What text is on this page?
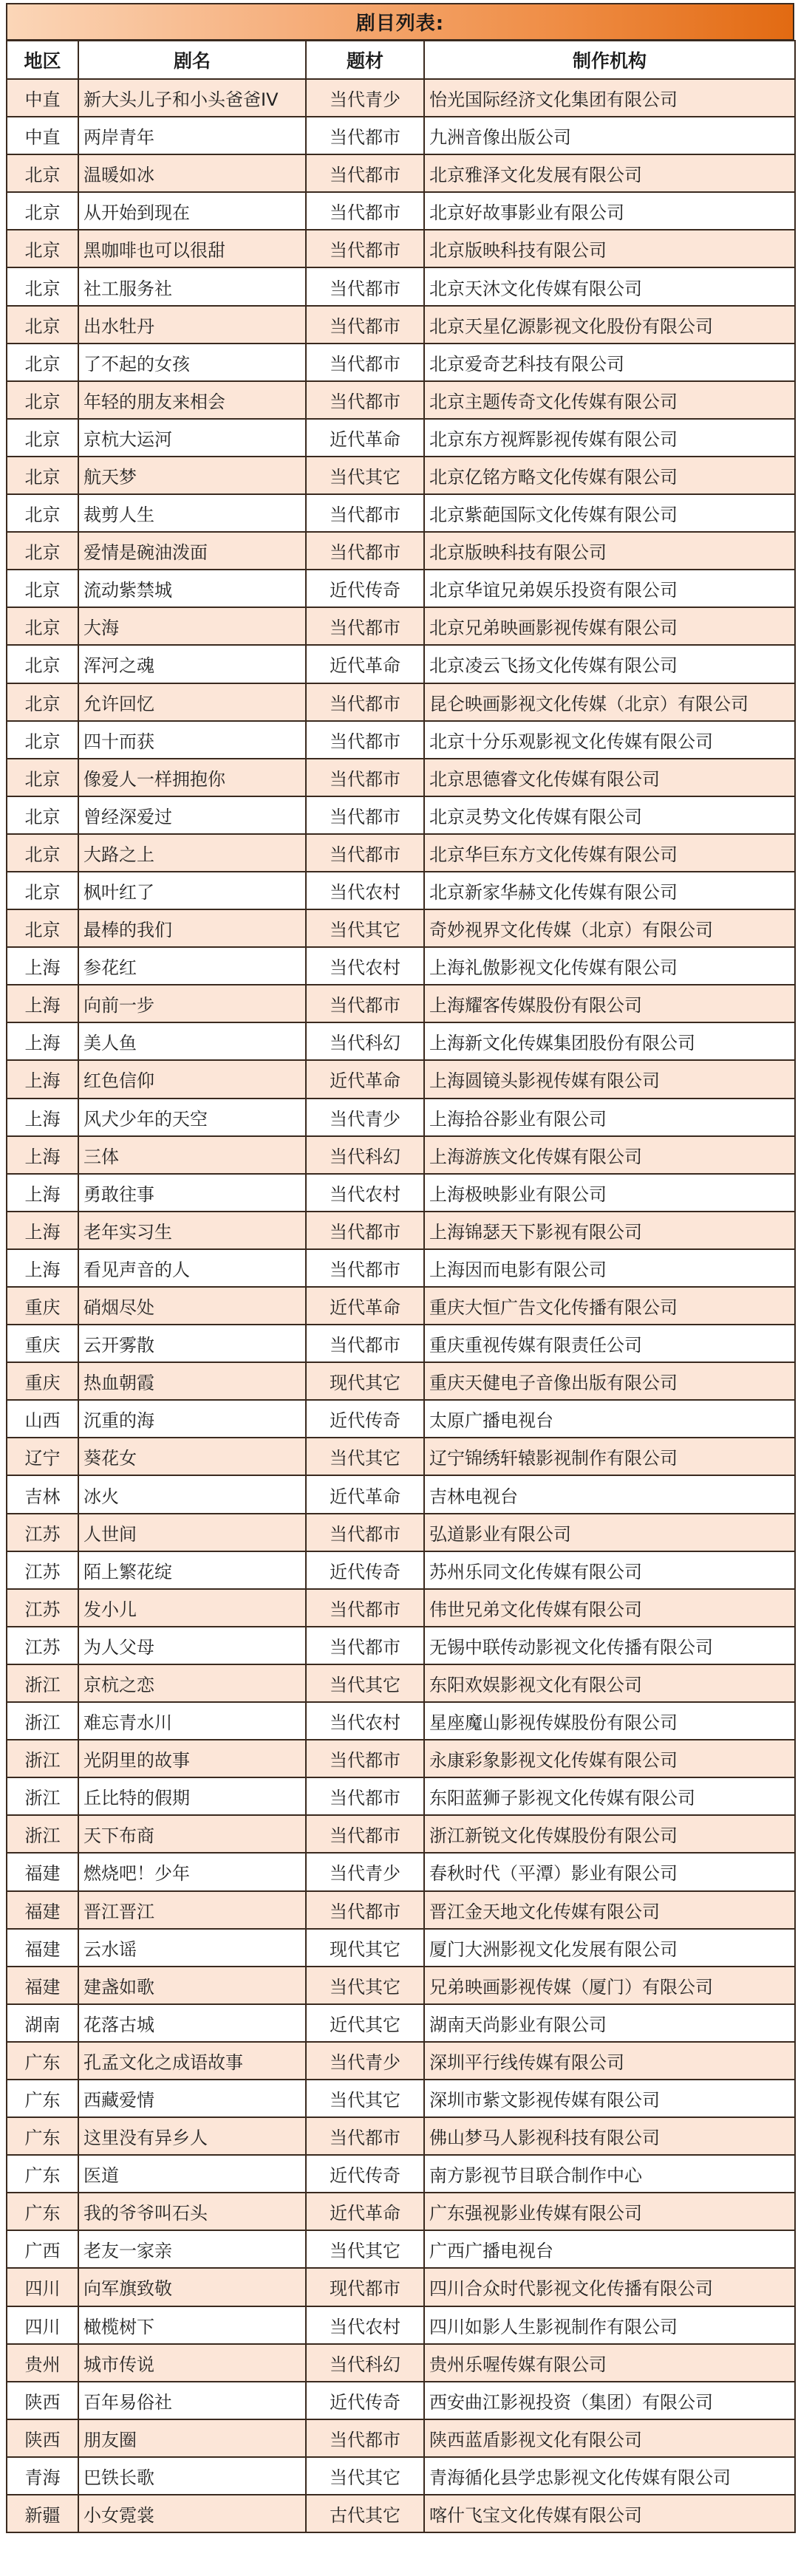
剧目列表:
地区	剧名	题材	制作机构
中直	新大头儿子和小头爸爸IV	当代青少	怡光国际经济文化集团有限公司
中直	两岸青年	当代都市	九洲音像出版公司
北京	温暖如冰	当代都市	北京雅泽文化发展有限公司
北京	从开始到现在	当代都市	北京好故事影业有限公司
北京	黑咖啡也可以很甜	当代都市	北京版映科技有限公司
北京	社工服务社	当代都市	北京天沐文化传媒有限公司
北京	出水牡丹	当代都市	北京天星亿源影视文化股份有限公司
北京	了不起的女孩	当代都市	北京爱奇艺科技有限公司
北京	年轻的朋友来相会	当代都市	北京主题传奇文化传媒有限公司
北京	京杭大运河	近代革命	北京东方视辉影视传媒有限公司
北京	航天梦	当代其它	北京亿铭方略文化传媒有限公司
北京	裁剪人生	当代都市	北京紫葩国际文化传媒有限公司
北京	爱情是碗油泼面	当代都市	北京版映科技有限公司
北京	流动紫禁城	近代传奇	北京华谊兄弟娱乐投资有限公司
北京	大海	当代都市	北京兄弟映画影视传媒有限公司
北京	浑河之魂	近代革命	北京凌云飞扬文化传媒有限公司
北京	允许回忆	当代都市	昆仑映画影视文化传媒（北京）有限公司
北京	四十而获	当代都市	北京十分乐观影视文化传媒有限公司
北京	像爱人一样拥抱你	当代都市	北京思德睿文化传媒有限公司
北京	曾经深爱过	当代都市	北京灵势文化传媒有限公司
北京	大路之上	当代都市	北京华巨东方文化传媒有限公司
北京	枫叶红了	当代农村	北京新家华赫文化传媒有限公司
北京	最棒的我们	当代其它	奇妙视界文化传媒（北京）有限公司
上海	参花红	当代农村	上海礼傲影视文化传媒有限公司
上海	向前一步	当代都市	上海耀客传媒股份有限公司
上海	美人鱼	当代科幻	上海新文化传媒集团股份有限公司
上海	红色信仰	近代革命	上海圆镜头影视传媒有限公司
上海	风犬少年的天空	当代青少	上海拾谷影业有限公司
上海	三体	当代科幻	上海游族文化传媒有限公司
上海	勇敢往事	当代农村	上海极映影业有限公司
上海	老年实习生	当代都市	上海锦瑟天下影视有限公司
上海	看见声音的人	当代都市	上海因而电影有限公司
重庆	硝烟尽处	近代革命	重庆大恒广告文化传播有限公司
重庆	云开雾散	当代都市	重庆重视传媒有限责任公司
重庆	热血朝霞	现代其它	重庆天健电子音像出版有限公司
山西	沉重的海	近代传奇	太原广播电视台
辽宁	葵花女	当代其它	辽宁锦绣轩辕影视制作有限公司
吉林	冰火	近代革命	吉林电视台
江苏	人世间	当代都市	弘道影业有限公司
江苏	陌上繁花绽	近代传奇	苏州乐同文化传媒有限公司
江苏	发小儿	当代都市	伟世兄弟文化传媒有限公司
江苏	为人父母	当代都市	无锡中联传动影视文化传播有限公司
浙江	京杭之恋	当代其它	东阳欢娱影视文化有限公司
浙江	难忘青水川	当代农村	星座魔山影视传媒股份有限公司
浙江	光阴里的故事	当代都市	永康彩象影视文化传媒有限公司
浙江	丘比特的假期	当代都市	东阳蓝狮子影视文化传媒有限公司
浙江	天下布商	当代都市	浙江新锐文化传媒股份有限公司
福建	燃烧吧！少年	当代青少	春秋时代（平潭）影业有限公司
福建	晋江晋江	当代都市	晋江金天地文化传媒有限公司
福建	云水谣	现代其它	厦门大洲影视文化发展有限公司
福建	建盏如歌	当代其它	兄弟映画影视传媒（厦门）有限公司
湖南	花落古城	近代其它	湖南天尚影业有限公司
广东	孔孟文化之成语故事	当代青少	深圳平行线传媒有限公司
广东	西藏爱情	当代其它	深圳市紫文影视传媒有限公司
广东	这里没有异乡人	当代都市	佛山梦马人影视科技有限公司
广东	医道	近代传奇	南方影视节目联合制作中心
广东	我的爷爷叫石头	近代革命	广东强视影业传媒有限公司
广西	老友一家亲	当代其它	广西广播电视台
四川	向军旗致敬	现代都市	四川合众时代影视文化传播有限公司
四川	橄榄树下	当代农村	四川如影人生影视制作有限公司
贵州	城市传说	当代科幻	贵州乐喔传媒有限公司
陕西	百年易俗社	近代传奇	西安曲江影视投资（集团）有限公司
陕西	朋友圈	当代都市	陕西蓝盾影视文化有限公司
青海	巴铁长歌	当代其它	青海循化县学忠影视文化传媒有限公司
新疆	小女霓裳	古代其它	喀什飞宝文化传媒有限公司
